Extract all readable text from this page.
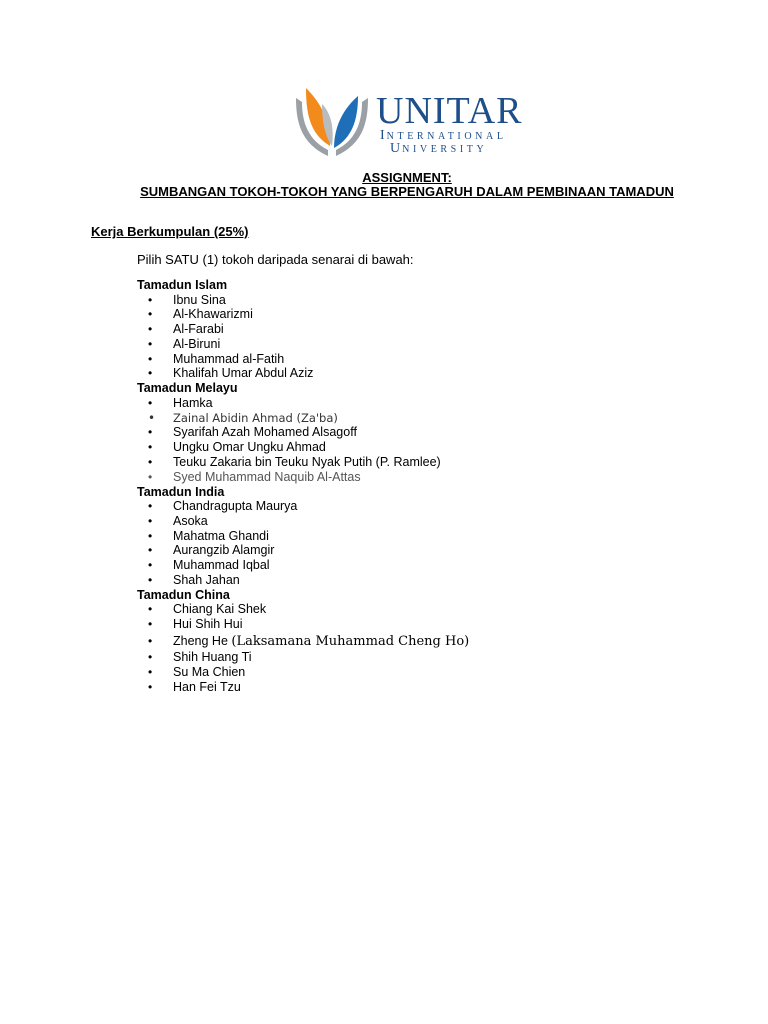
UNITAR
INTERNATIONAL
UNIVERSITY
ASSIGNMENT:
SUMBANGAN TOKOH-TOKOH YANG BERPENGARUH DALAM PEMBINAAN TAMADUN
Kerja Berkumpulan (25%)
Pilih SATU (1) tokoh daripada senarai di bawah:
Tamadun Islam
• Ibnu Sina
• Al-Khawarizmi
• Al-Farabi
• Al-Biruni
• Muhammad al-Fatih
• Khalifah Umar Abdul Aziz
Tamadun Melayu
• Hamka
• Zainal Abidin Ahmad (Za'ba)
• Syarifah Azah Mohamed Alsagoff
• Ungku Omar Ungku Ahmad
• Teuku Zakaria bin Teuku Nyak Putih (P. Ramlee)
• Syed Muhammad Naquib Al-Attas
Tamadun India
• Chandragupta Maurya
• Asoka
• Mahatma Ghandi
• Aurangzib Alamgir
• Muhammad Iqbal
• Shah Jahan
Tamadun China
• Chiang Kai Shek
• Hui Shih Hui
• Zheng He (Laksamana Muhammad Cheng Ho)
• Shih Huang Ti
• Su Ma Chien
• Han Fei Tzu
